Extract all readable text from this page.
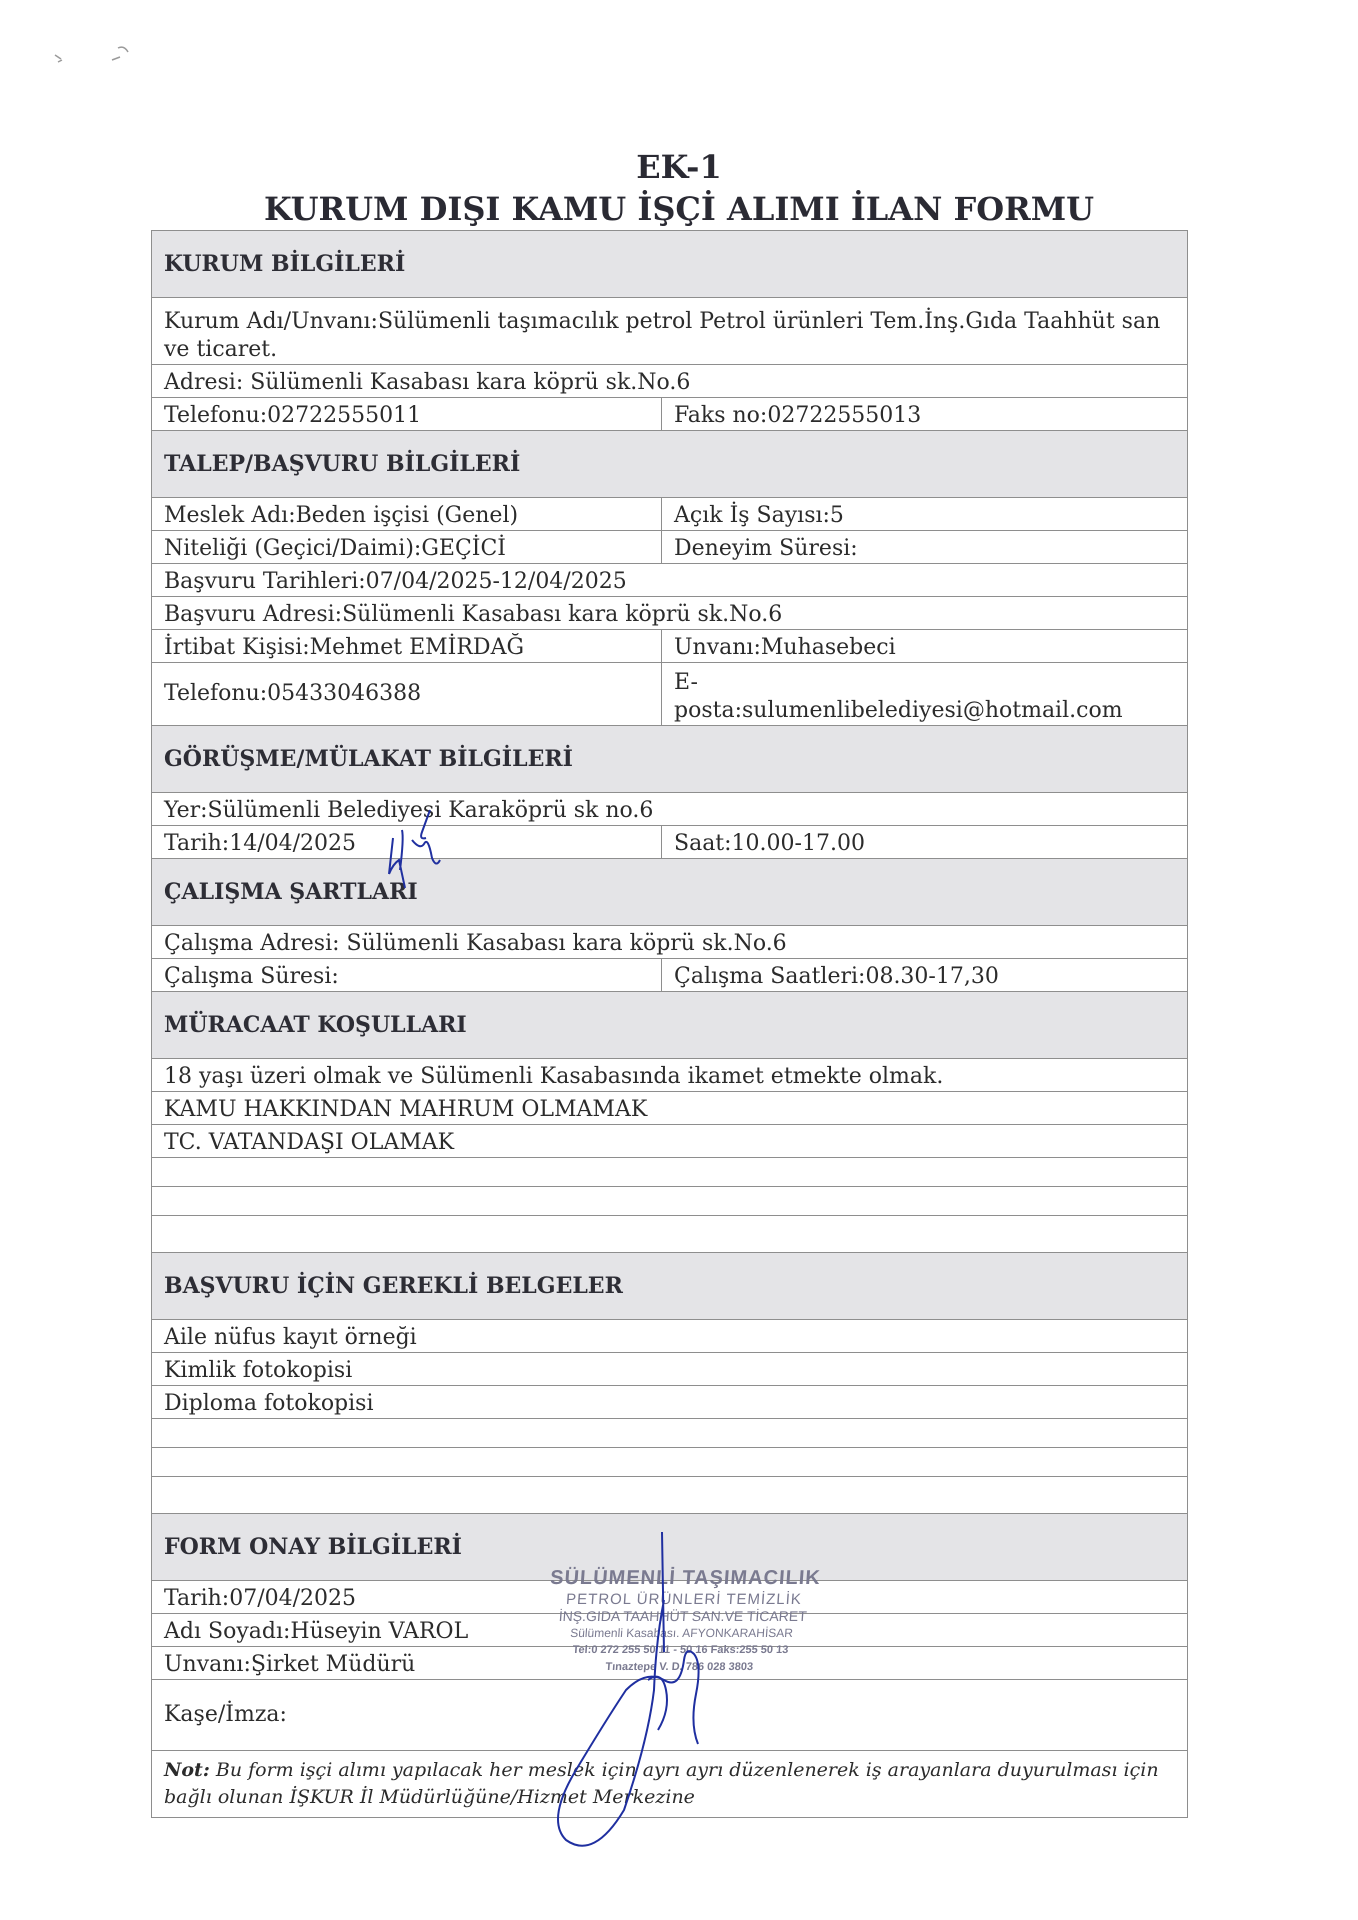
EK-1
KURUM DIŞI KAMU İŞÇİ ALIMI İLAN FORMU
KURUM BİLGİLERİ	
Kurum Adı/Unvanı:Sülümenli taşımacılık petrol Petrol ürünleri Tem.İnş.Gıda Taahhüt san ve ticaret.	
Adresi: Sülümenli Kasabası kara köprü sk.No.6	
Telefonu:02722555011	Faks no:02722555013
TALEP/BAŞVURU BİLGİLERİ	
Meslek Adı:Beden işçisi (Genel)	Açık İş Sayısı:5
Niteliği (Geçici/Daimi):GEÇİCİ	Deneyim Süresi:
Başvuru Tarihleri:07/04/2025-12/04/2025	
Başvuru Adresi:Sülümenli Kasabası kara köprü sk.No.6	
İrtibat Kişisi:Mehmet EMİRDAĞ	Unvanı:Muhasebeci
Telefonu:05433046388	E-
posta:sulumenlibelediyesi@hotmail.com

GÖRÜŞME/MÜLAKAT BİLGİLERİ	
Yer:Sülümenli Belediyesi Karaköprü sk no.6	
Tarih:14/04/2025	Saat:10.00-17.00
ÇALIŞMA ŞARTLARI	
Çalışma Adresi: Sülümenli Kasabası kara köprü sk.No.6	
Çalışma Süresi:	Çalışma Saatleri:08.30-17,30
MÜRACAAT KOŞULLARI	
18 yaşı üzeri olmak ve Sülümenli Kasabasında ikamet etmekte olmak.	
KAMU HAKKINDAN MAHRUM OLMAMAK	
TC. VATANDAŞI OLAMAK	

BAŞVURU İÇİN GEREKLİ BELGELER	
Aile nüfus kayıt örneği	
Kimlik fotokopisi	
Diploma fotokopisi	

FORM ONAY BİLGİLERİ	
Tarih:07/04/2025	
Adı Soyadı:Hüseyin VAROL	
Unvanı:Şirket Müdürü	
Kaşe/İmza:	
Not: Bu form işçi alımı yapılacak her meslek için ayrı ayrı düzenlenerek iş arayanlara duyurulması için bağlı olunan İŞKUR İl Müdürlüğüne/Hizmet Merkezine	
SÜLÜMENLİ TAŞIMACILIK
PETROL ÜRÜNLERİ TEMİZLİK
İNŞ.GIDA TAAHHÜT SAN.VE TİCARET
Sülümenli Kasabası. AFYONKARAHİSAR
Tel:0 272 255 50 11 - 50 16 Faks:255 50 13
Tınaztepe V. D. 786 028 3803
